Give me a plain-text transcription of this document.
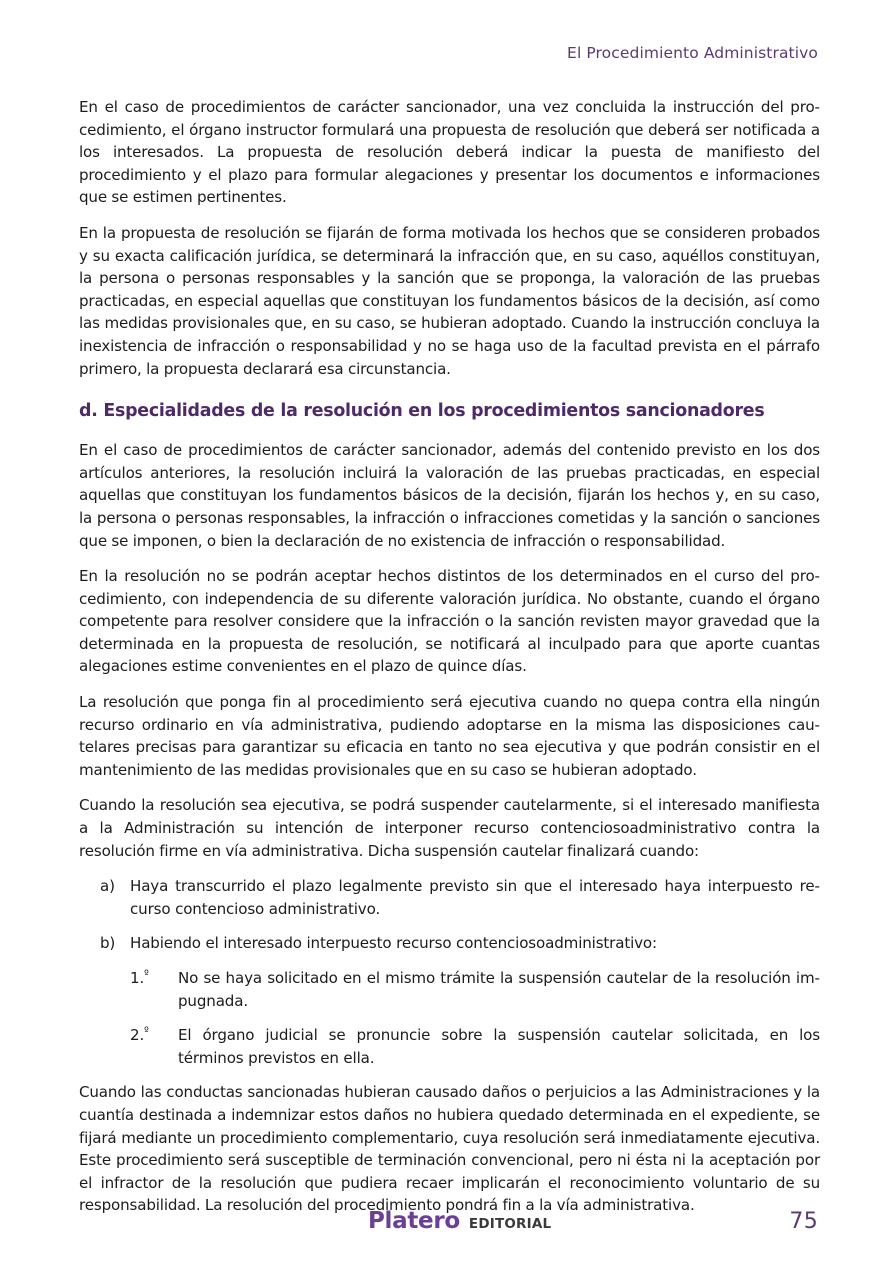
El Procedimiento Administrativo

En el caso de procedimientos de carácter sancionador, una vez concluida la instrucción del procedimiento, el órgano instructor formulará una propuesta de resolución que deberá ser notificada a los interesados. La propuesta de resolución deberá indicar la puesta de manifiesto del procedimiento y el plazo para formular alegaciones y presentar los documentos e informaciones que se estimen pertinentes.

En la propuesta de resolución se fijarán de forma motivada los hechos que se consideren probados y su exacta calificación jurídica, se determinará la infracción que, en su caso, aquéllos constituyan, la persona o personas responsables y la sanción que se proponga, la valoración de las pruebas practicadas, en especial aquellas que constituyan los fundamentos básicos de la decisión, así como las medidas provisionales que, en su caso, se hubieran adoptado. Cuando la instrucción concluya la inexistencia de infracción o responsabilidad y no se haga uso de la facultad prevista en el párrafo primero, la propuesta declarará esa circunstancia.

d. Especialidades de la resolución en los procedimientos sancionadores

En el caso de procedimientos de carácter sancionador, además del contenido previsto en los dos artículos anteriores, la resolución incluirá la valoración de las pruebas practicadas, en especial aquellas que constituyan los fundamentos básicos de la decisión, fijarán los hechos y, en su caso, la persona o personas responsables, la infracción o infracciones cometidas y la sanción o sanciones que se imponen, o bien la declaración de no existencia de infracción o responsabilidad.

En la resolución no se podrán aceptar hechos distintos de los determinados en el curso del procedimiento, con independencia de su diferente valoración jurídica. No obstante, cuando el órgano competente para resolver considere que la infracción o la sanción revisten mayor gravedad que la determinada en la propuesta de resolución, se notificará al inculpado para que aporte cuantas alegaciones estime convenientes en el plazo de quince días.

La resolución que ponga fin al procedimiento será ejecutiva cuando no quepa contra ella ningún recurso ordinario en vía administrativa, pudiendo adoptarse en la misma las disposiciones cautelares precisas para garantizar su eficacia en tanto no sea ejecutiva y que podrán consistir en el mantenimiento de las medidas provisionales que en su caso se hubieran adoptado.

Cuando la resolución sea ejecutiva, se podrá suspender cautelarmente, si el interesado manifiesta a la Administración su intención de interponer recurso contenciosoadministrativo contra la resolución firme en vía administrativa. Dicha suspensión cautelar finalizará cuando:

a) Haya transcurrido el plazo legalmente previsto sin que el interesado haya interpuesto recurso contencioso administrativo.
b) Habiendo el interesado interpuesto recurso contenciosoadministrativo:
1.$^º$ No se haya solicitado en el mismo trámite la suspensión cautelar de la resolución impugnada.
2.$^º$ El órgano judicial se pronuncie sobre la suspensión cautelar solicitada, en los términos previstos en ella.

Cuando las conductas sancionadas hubieran causado daños o perjuicios a las Administraciones y la cuantía destinada a indemnizar estos daños no hubiera quedado determinada en el expediente, se fijará mediante un procedimiento complementario, cuya resolución será inmediatamente ejecutiva. Este procedimiento será susceptible de terminación convencional, pero ni ésta ni la aceptación por el infractor de la resolución que pudiera recaer implicarán el reconocimiento voluntario de su responsabilidad. La resolución del procedimiento pondrá fin a la vía administrativa.

Platero EDITORIAL	75
